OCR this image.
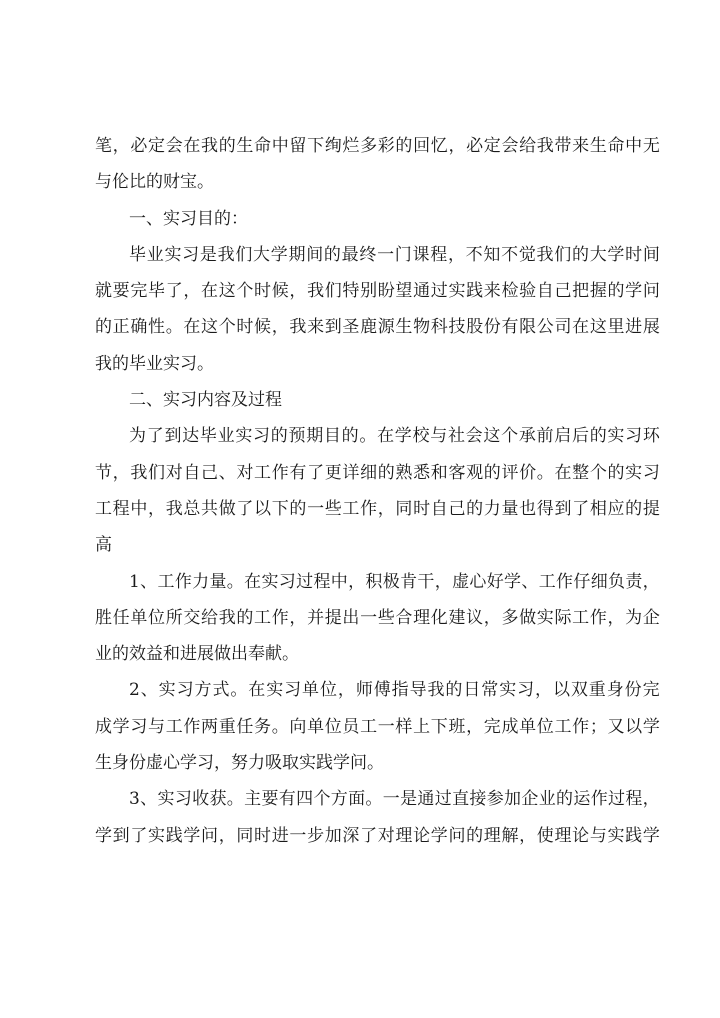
笔 ， 必 定 会 在 我 的 生 命 中 留 下 绚 烂 多 彩 的 回 忆 ， 必 定 会 给 我 带 来 生 命 中 无
与伦比的财宝。
一、实习目的：
毕 业 实 习 是 我 们 大 学 期 间 的 最 终 一 门 课 程 ， 不 知 不 觉 我 们 的 大 学 时 间
就 要 完 毕 了 ， 在 这 个 时 候 ， 我 们 特 别 盼 望 通 过 实 践 来 检 验 自 己 把 握 的 学 问
的 正 确 性 。 在 这 个 时 候 ， 我 来 到 圣 鹿 源 生 物 科 技 股 份 有 限 公 司 在 这 里 进 展
我的毕业实习。
二、实习内容及过程
为 了 到 达 毕 业 实 习 的 预 期 目 的 。 在 学 校 与 社 会 这 个 承 前 启 后 的 实 习 环
节 ， 我 们 对 自 己 、 对 工 作 有 了 更 详 细 的 熟 悉 和 客 观 的 评 价 。 在 整 个 的 实 习
工 程 中 ， 我 总 共 做 了 以 下 的 一 些 工 作 ， 同 时 自 己 的 力 量 也 得 到 了 相 应 的 提
高
1 、 工 作 力 量 。 在 实 习 过 程 中 ， 积 极 肯 干 ， 虚 心 好 学 、 工 作 仔 细 负 责 ，
胜 任 单 位 所 交 给 我 的 工 作 ， 并 提 出 一 些 合 理 化 建 议 ， 多 做 实 际 工 作 ， 为 企
业的效益和进展做出奉献。
2 、 实 习 方 式 。 在 实 习 单 位 ， 师 傅 指 导 我 的 日 常 实 习 ， 以 双 重 身 份 完
成 学 习 与 工 作 两 重 任 务 。 向 单 位 员 工 一 样 上 下 班 ， 完 成 单 位 工 作 ； 又 以 学
生身份虚心学习，努力吸取实践学问。
3 、 实 习 收 获 。 主 要 有 四 个 方 面 。 一 是 通 过 直 接 参 加 企 业 的 运 作 过 程 ，
学 到 了 实 践 学 问 ， 同 时 进 一 步 加 深 了 对 理 论 学 问 的 理 解 ， 使 理 论 与 实 践 学
